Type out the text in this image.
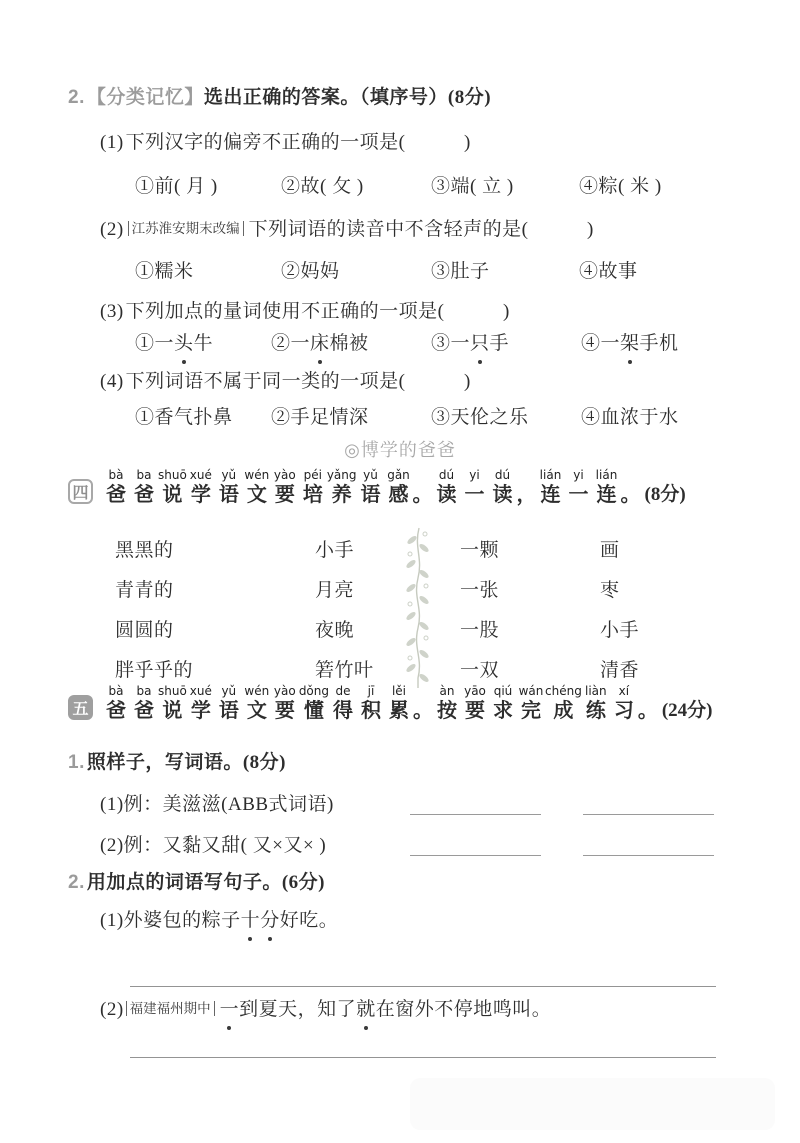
2. 【分类记忆】选出正确的答案。（填序号）(8分)
(1) 下列汉字的偏旁不正确的一项是(　　　)
①前( 月 )	②故( 攵 )	③端( 立 )	④粽( 米 )
(2) 江苏淮安期末改编 下列词语的读音中不含轻声的是(　　　)
①糯米	②妈妈	③肚子	④故事
(3) 下列加点的量词使用不正确的一项是(　　　)
①一头牛	②一床棉被	③一只手	④一架手机
(4) 下列词语不属于同一类的一项是(　　　)
①香气扑鼻	②手足情深	③天伦之乐	④血浓于水
◎博学的爸爸
四
bà
爸
ba
爸
shuō
说
xué
学
yǔ
语
wén
文
yào
要
péi
培
yǎng
养
yǔ
语
gǎn
感 。
dú
读
yi
一
dú
读 ，
lián
连
yi
一
lián
连 。 (8分)
黑黑的	小手	一颗	画
青青的	月亮	一张	枣
圆圆的	夜晚	一股	小手
胖乎乎的	箬竹叶	一双	清香
五
bà
爸
ba
爸
shuō
说
xué
学
yǔ
语
wén
文
yào
要
dǒng
懂
de
得
jī
积
lěi
累 。
àn
按
yāo
要
qiú
求
wán
完
chéng
成
liàn
练
xí
习 。 (24分)
1. 照样子，写词语。(8分)
(1)例：美滋滋(ABB式词语)
(2)例：又黏又甜( 又×又× )
2. 用加点的词语写句子。(6分)
(1)外婆包的粽子十分好吃。
(2) 福建福州期中 一到夏天，知了就在窗外不停地鸣叫。
